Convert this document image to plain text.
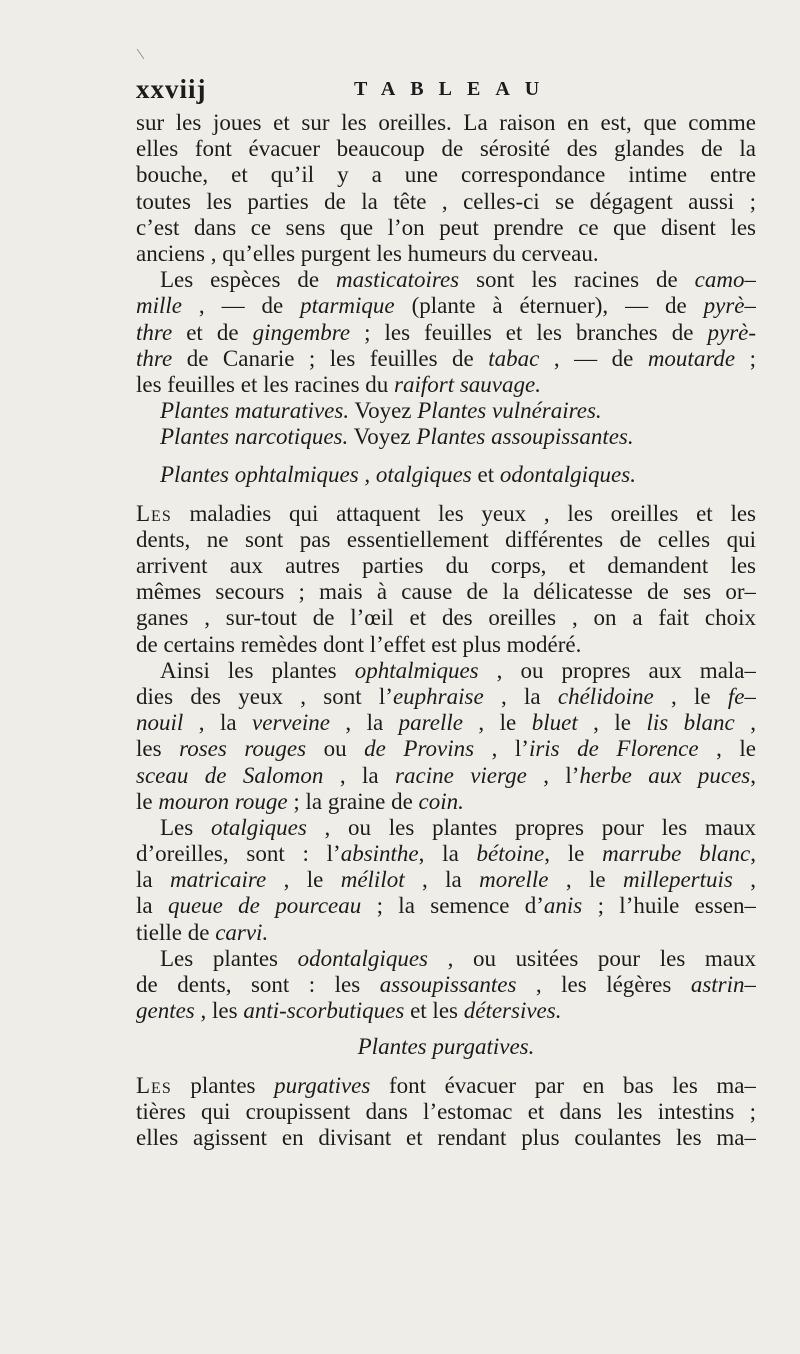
xxviij	TABLEAU
sur les joues et sur les oreilles. La raison en est, que comme
elles font évacuer beaucoup de sérosité des glandes de la
bouche, et qu’il y a une correspondance intime entre
toutes les parties de la tête , celles-ci se dégagent aussi ;
c’est dans ce sens que l’on peut prendre ce que disent les
anciens , qu’elles purgent les humeurs du cerveau.
Les espèces de masticatoires sont les racines de camo–
mille , — de ptarmique (plante à éternuer), — de pyrè–
thre et de gingembre ; les feuilles et les branches de pyrè-
thre de Canarie ; les feuilles de tabac , — de moutarde ;
les feuilles et les racines du raifort sauvage.
Plantes maturatives. Voyez Plantes vulnéraires.
Plantes narcotiques. Voyez Plantes assoupissantes.
Plantes ophtalmiques , otalgiques et odontalgiques.
Les maladies qui attaquent les yeux , les oreilles et les
dents, ne sont pas essentiellement différentes de celles qui
arrivent aux autres parties du corps, et demandent les
mêmes secours ; mais à cause de la délicatesse de ses or–
ganes , sur-tout de l’œil et des oreilles , on a fait choix
de certains remèdes dont l’effet est plus modéré.
Ainsi les plantes ophtalmiques , ou propres aux mala–
dies des yeux , sont l’euphraise , la chélidoine , le fe–
nouil , la verveine , la parelle , le bluet , le lis blanc ,
les roses rouges ou de Provins , l’iris de Florence , le
sceau de Salomon , la racine vierge , l’herbe aux puces,
le mouron rouge ; la graine de coin.
Les otalgiques , ou les plantes propres pour les maux
d’oreilles, sont : l’absinthe, la bétoine, le marrube blanc,
la matricaire , le mélilot , la morelle , le millepertuis ,
la queue de pourceau ; la semence d’anis ; l’huile essen–
tielle de carvi.
Les plantes odontalgiques , ou usitées pour les maux
de dents, sont : les assoupissantes , les légères astrin–
gentes , les anti-scorbutiques et les détersives.
Plantes purgatives.
Les plantes purgatives font évacuer par en bas les ma–
tières qui croupissent dans l’estomac et dans les intestins ;
elles agissent en divisant et rendant plus coulantes les ma–
